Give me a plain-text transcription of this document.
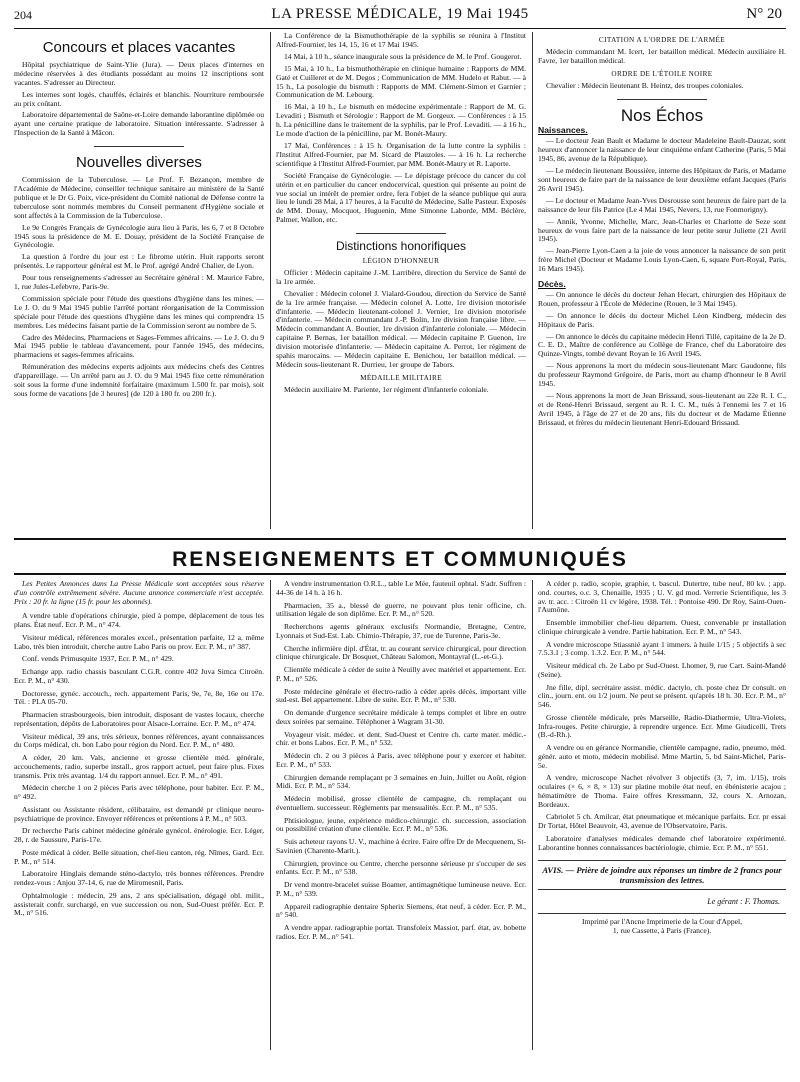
204	LA PRESSE MÉDICALE, 19 Mai 1945	N° 20
Concours et places vacantes

Hôpital psychiatrique de Saint-Ylie (Jura). — Deux places d'internes en médecine réservées à des étudiants possédant au moins 12 inscriptions sont vacantes. S'adresser au Directeur.

Les internes sont logés, chauffés, éclairés et blanchis. Nourriture remboursée au prix coûtant.

Laboratoire départemental de Saône-et-Loire demande laborantine diplômée ou ayant une certaine pratique de laboratoire. Situation intéressante. S'adresser à l'Inspection de la Santé à Mâcon.

Nouvelles diverses

Commission de la Tuberculose. — Le Prof. F. Bezançon, membre de l'Académie de Médecine, conseiller technique sanitaire au ministère de la Santé publique et le Dr G. Poix, vice-président du Comité national de Défense contre la tuberculose sont nommés membres du Conseil permanent d'Hygiène sociale et sont affectés à la Commission de la Tuberculose.

Le 9e Congrès Français de Gynécologie aura lieu à Paris, les 6, 7 et 8 Octobre 1945 sous la présidence de M. E. Douay, président de la Société Française de Gynécologie.

La question à l'ordre du jour est : Le fibrome utérin. Huit rapports seront présentés. Le rapporteur général est M. le Prof. agrégé André Chalier, de Lyon.

Pour tous renseignements s'adresser au Secrétaire général : M. Maurice Fabre, 1, rue Jules-Lefebvre, Paris-9e.

Commission spéciale pour l'étude des questions d'hygiène dans les mines. — Le J. O. du 9 Mai 1945 publie l'arrêté portant réorganisation de la Commission spéciale pour l'étude des questions d'hygiène dans les mines qui comprendra 15 membres. Les médecins faisant partie de la Commission seront au nombre de 5.

Cadre des Médecins, Pharmaciens et Sages-Femmes africains. — Le J. O. du 9 Mai 1945 publie le tableau d'avancement, pour l'année 1945, des médecins, pharmaciens et sages-femmes africains.

Rémunération des médecins experts adjoints aux médecins chefs des Centres d'appareillage. — Un arrêté paru au J. O. du 9 Mai 1945 fixe cette rémunération soit sous la forme d'une indemnité forfaitaire (maximum 1.500 fr. par mois), soit sous forme de vacations [de 3 heures] (de 120 à 180 fr. ou 200 fr.).

La Conférence de la Bismuthothérapie de la syphilis se réunira à l'Institut Alfred-Fournier, les 14, 15, 16 et 17 Mai 1945.

14 Mai, à 10 h., séance inaugurale sous la présidence de M. le Prof. Gougerot.

15 Mai, à 10 h., La bismuthothérapie en clinique humaine : Rapports de MM. Gaté et Cuilleret et de M. Degos ; Communication de MM. Hudelo et Rabut. — à 15 h., La posologie du bismuth : Rapports de MM. Clément-Simon et Garnier ; Communication de M. Lebourg.

16 Mai, à 10 h., Le bismuth en médecine expérimentale : Rapport de M. G. Levaditi ; Bismuth et Sérologie : Rapport de M. Gorgeux. — Conférences : à 15 h. La pénicilline dans le traitement de la syphilis, par le Prof. Levaditi. — à 16 h., Le mode d'action de la pénicilline, par M. Bonét-Maury.

17 Mai, Conférences : à 15 h. Organisation de la lutte contre la syphilis : l'Institut Alfred-Fournier, par M. Sicard de Plauzoles. — à 16 h. La recherche scientifique à l'Institut Alfred-Fournier, par MM. Bonét-Maury et R. Laporte.

Société Française de Gynécologie. — Le dépistage précoce du cancer du col utérin et en particulier du cancer endocervical, question qui présente au point de vue social un intérêt de premier ordre, fera l'objet de la séance publique qui aura lieu le lundi 28 Mai, à 17 heures, à la Faculté de Médecine, Salle Pasteur. Exposés de MM. Douay, Mocquot, Huguenin, Mme Simonne Laborde, MM. Béclère, Palmer, Wallon, etc.

Distinctions honorifiques
LÉGION D'HONNEUR

Officier : Médecin capitaine J.-M. Larribère, direction du Service de Santé de la 1re armée.

Chevalier : Médecin colonel J. Vialard-Goudou, direction du Service de Santé de la 1re armée française. — Médecin colonel A. Lotte, 1re division motorisée d'infanterie. — Médecin lieutenant-colonel J. Vernier, 1re division motorisée d'infanterie. — Médecin commandant J.-P. Bolin, 1re division française libre. — Médecin commandant A. Boutier, 1re division d'infanterie coloniale. — Médecin capitaine P. Bernas, 1er bataillon médical. — Médecin capitaine P. Guenon, 1re division motorisée d'infanterie. — Médecin capitaine A. Perrot, 1er régiment de spahis marocains. — Médecin capitaine E. Benichou, 1er bataillon médical. — Médecin sous-lieutenant R. Durrieu, 1er groupe de Tabors.

MÉDAILLE MILITAIRE

Médecin auxiliaire M. Pariente, 1er régiment d'infanterie coloniale.

CITATION A L'ORDRE DE L'ARMÉE

Médecin commandant M. Icert, 1er bataillon médical. Médecin auxiliaire H. Favre, 1er bataillon médical.

ORDRE DE L'ÉTOILE NOIRE

Chevalier : Médecin lieutenant B. Heintz, des troupes coloniales.

Nos Échos
Naissances.

— Le docteur Jean Bault et Madame le docteur Madeleine Bault-Dauzat, sont heureux d'annoncer la naissance de leur cinquième enfant Catherine (Paris, 5 Mai 1945, 86, avenue de la République).

— Le médecin lieutenant Boussière, interne des Hôpitaux de Paris, et Madame sont heureux de faire part de la naissance de leur deuxième enfant Jacques (Paris 26 Avril 1945).

— Le docteur et Madame Jean-Yves Desrousse sont heureux de faire part de la naissance de leur fils Patrice (Le 4 Mai 1945, Nevers, 13, rue Fonmorigny).

— Annik, Yvonne, Michelle, Marc, Jean-Charles et Charlotte de Seze sont heureux de vous faire part de la naissance de leur petite sœur Juliette (21 Avril 1945).

— Jean-Pierre Lyon-Caen a la joie de vous annoncer la naissance de son petit frère Michel (Docteur et Madame Louis Lyon-Caen, 6, square Port-Royal, Paris, 16 Mars 1945).

Décès.

— On annonce le décès du docteur Jehan Hecart, chirurgien des Hôpitaux de Rouen, professeur à l'École de Médecine (Rouen, le 3 Mai 1945).

— On annonce le décès du docteur Michel Léon Kindberg, médecin des Hôpitaux de Paris.

— On annonce le décès du capitaine médecin Henri Tillé, capitaine de la 2e D. C. E. D., Maître de conférence au Collège de France, chef du Laboratoire des Quinze-Vingts, tombé devant Royan le 16 Avril 1945.

— Nous apprenons la mort du médecin sous-lieutenant Marc Gaudonne, fils du professeur Raymond Grégoire, de Paris, mort au champ d'honneur le 8 Avril 1945.

— Nous apprenons la mort de Jean Brissaud, sous-lieutenant au 22e R. I. C., et de René-Henri Brissaud, sergent au R. I. C. M., tués à l'ennemi les 7 et 16 Avril 1945, à l'âge de 27 et de 20 ans, fils du docteur et de Madame Étienne Brissaud, et frères du médecin lieutenant Henri-Edouard Brissaud.

RENSEIGNEMENTS ET COMMUNIQUÉS
Les Petites Annonces dans La Presse Médicale sont acceptées sous réserve d'un contrôle extrêmement sévère. Aucune annonce commerciale n'est acceptée. Prix : 20 fr. la ligne (15 fr. pour les abonnés).

A vendre table d'opérations chirurgie, pied à pompe, déplacement de tous les plans. État neuf. Ecr. P. M., n° 474.

Visiteur médical, références morales excel., présentation parfaite, 12 a. même Labo, très bien introduit, cherche autre Labo Paris ou prov. Ecr. P. M., n° 387.

Conf. vends Primusquite 1937, Ecr. P. M., n° 429.

Echange app. radio chassis basculant C.G.R. contre 402 Juva Simca Citroën. Ecr. P. M., n° 430.

Doctoresse, gynéc. accouch., rech. appartement Paris, 9e, 7e, 8e, 16e ou 17e. Tél. : PLA 05-70.

Pharmacien strasbourgeois, bien introduit, disposant de vastes locaux, cherche représentation, dépôts de Laboratoires pour Alsace-Lorraine. Ecr. P. M., n° 474.

Visiteur médical, 39 ans, très sérieux, bonnes références, ayant connaissances du Corps médical, ch. bon Labo pour région du Nord. Ecr. P. M., n° 480.

A céder, 20 km. Vals, ancienne et grosse clientèle méd. générale, accouchements, radio, superbe install., gros rapport actuel, peut faire plus. Fixes transmis. Prix très avantag. 1/4 du rapport annuel. Ecr. P. M., n° 491.

Médecin cherche 1 ou 2 pièces Paris avec téléphone, pour habiter. Ecr. P. M., n° 492.

Assistant ou Assistante résident, célibataire, est demandé pr clinique neuro-psychiatrique de province. Envoyer références et prétentions à P. M., n° 503.

Dr recherche Paris cabinet médecine générale gynécol. énérologie. Ecr. Léger, 28, r. de Saussure, Paris-17e.

Poste médical à céder. Belle situation, chef-lieu canton, rég. Nîmes, Gard. Ecr. P. M., n° 514.

Laboratoire Hinglais demande sténo-dactylo, très bonnes références. Prendre rendez-vous : Anjou 37-14, 6, rue de Miromesnil, Paris.

Ophtalmologie : médecin, 29 ans, 2 ans spécialisation, dégagé obl. milit., assisterait confr. surchargé, en vue succession ou non, Sud-Ouest préfér. Ecr. P. M., n° 516.

A vendre instrumentation O.R.L., table Le Mée, fauteuil ophtal. S'adr. Suffren : 44-36 de 14 h. à 16 h.

Pharmacien, 35 a., blessé de guerre, ne pouvant plus tenir officine, ch. utilisation légale de son diplôme. Ecr. P. M., n° 520.

Recherchons agents généraux exclusifs Normandie, Bretagne, Centre, Lyonnais et Sud-Est. Lab. Chimio-Thérapie, 37, rue de Turenne, Paris-3e.

Cherche infirmière dipl. d'État, tr. au courant service chirurgical, pour direction clinique chirurgicale. Dr Bosquet, Château Salomon, Montayral (L.-et-G.).

Clientèle médicale à céder de suite à Neuilly avec matériel et appartement. Ecr. P. M., n° 526.

Poste médecine générale et électro-radio à céder après décès, important ville sud-est. Bel appartement. Libre de suite. Ecr. P. M., n° 530.

On demande d'urgence secrétaire médicale à temps complet et libre en outre deux soirées par semaine. Téléphoner à Wagram 31-30.

Voyageur visit. médec. et dent. Sud-Ouest et Centre ch. carte mater. médic.-chir. et bons Labos. Ecr. P. M., n° 532.

Médecin ch. 2 ou 3 pièces à Paris, avec téléphone pour y exercer et habiter. Ecr. P. M., n° 533.

Chirurgien demande remplaçant pr 3 semaines en Juin, Juillet ou Août, région Midi. Ecr. P. M., n° 534.

Médecin mobilisé, grosse clientèle de campagne, ch. remplaçant ou éventuellem. successeur. Règlements par mensualités. Ecr. P. M., n° 535.

Phtisiologue, jeune, expérience médico-chirurgic. ch. succession, association ou possibilité création d'une clientèle. Ecr. P. M., n° 536.

Suis acheteur rayons U. V., machine à écrire. Faire offre Dr de Mecquenem, St-Savinien (Charente-Marit.).

Chirurgien, province ou Centre, cherche personne sérieuse pr s'occuper de ses enfants. Ecr. P. M., n° 538.

Dr vend montre-bracelet suisse Boamer, antimagnétique lumineuse neuve. Ecr. P. M., n° 539.

Appareil radiographie dentaire Spherix Siemens, état neuf, à céder. Ecr. P. M., n° 540.

A vendre appar. radiographie portat. Transfoleix Massiot, parf. état, av. bobette radios. Ecr. P. M., n° 541.

A céder p. radio, scopie, graphie, t. bascul. Dutertre, tube neuf, 80 kv. ; app. ond. courtes, o.c. 3, Chenaille, 1935 ; U. V. gd mod. Verrerie Scientifique, les 3 av. tr. acc. : Citroën 11 cv légère, 1938. Tél. : Pontoise 490. Dr Roy, Saint-Ouen-l'Aumône.

Ensemble immobilier chef-lieu départem. Ouest, convenable pr installation clinique chirurgicale à vendre. Partie habitation. Ecr. P. M., n° 543.

A vendre microscope Stiassnié ayant 1 immers. à huile 1/15 ; 5 objectifs à sec 7.5.3.1 ; 3 comp. 1.3.2. Ecr. P. M., n° 544.

Visiteur médical ch. 2e Labo pr Sud-Ouest. Lhomer, 9, rue Cart. Saint-Mandé (Seine).

Jne fille, dipl. secrétaire assist. médic. dactylo, ch. poste chez Dr consult. en clin., journ. ent. ou 1/2 journ. Ne peut se présent. qu'après 18 h. 30. Ecr. P. M., n° 546.

Grosse clientèle médicale, près Marseille, Radio-Diathermie, Ultra-Violets, Infra-rouges. Petite chirurgie, à reprendre urgence. Ecr. Mme Giudicelli, Trets (B.-d-Rh.).

A vendre ou en gérance Normandie, clientèle campagne, radio, pneumo, méd. génér. auto et moto, médecin mobilisé. Mme Martin, 5, bd Saint-Michel, Paris-5e.

A vendre, microscope Nachet révolver 3 objectifs (3, 7, im. 1/15), trois oculaires (× 6, × 8, × 13) sur platine mobile état neuf, en ébénisterie acajou ; hématimètre de Thoma. Faire offres Kressmann, 32, cours X. Arnozan, Bordeaux.

Cabriolet 5 ch. Amilcar, état pneumatique et mécanique parfaits. Ecr. pr essai Dr Tortat, Hôtel Beauvoir, 43, avenue de l'Observatoire, Paris.

Laboratoire d'analyses médicales demande chef laboratoire expérimenté. Laborantine bonnes connaissances bactériologie, chimie. Ecr. P. M., n° 551.

AVIS. — Prière de joindre aux réponses un timbre de 2 francs pour transmission des lettres.
Le gérant : F. Thomas.
Imprimé par l'Ancne Imprimerie de la Cour d'Appel,
1, rue Cassette, à Paris (France).
